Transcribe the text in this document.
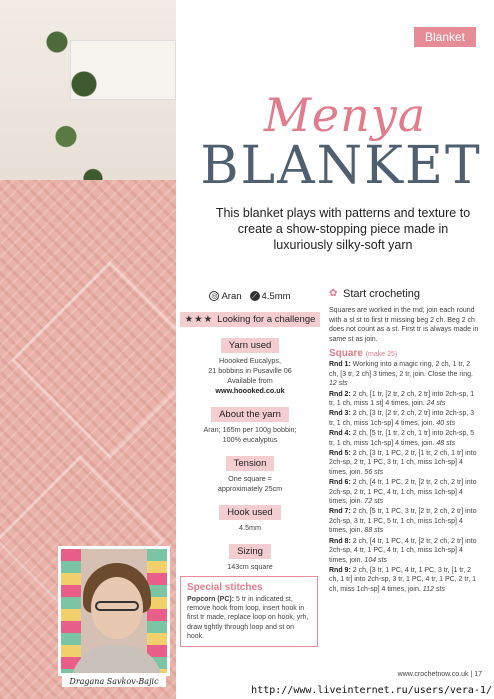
Dragana Savkov-Bajic
Blanket
Menya
BLANKET
This blanket plays with patterns and texture to create a show-stopping piece made in luxuriously silky-soft yarn
◎ Aran	⟋ 4.5mm
★★★ Looking for a challenge
Yarn used
Hoooked Eucalyps,
21 bobbins in Pusaville 06
Available from
www.hoooked.co.uk
About the yarn
Aran; 165m per 100g bobbin;
100% eucalyptus
Tension
One square =
approximately 25cm
Hook used
4.5mm
Sizing
143cm square
Special stitches

Popcorn (PC): 5 tr in indicated st, remove hook from loop, insert hook in first tr made, replace loop on hook, yrh, draw tightly through loop and st on hook.

✿ Start crocheting
Squares are worked in the rnd; join each round with a sl st to first tr missing beg 2 ch. Beg 2 ch does not count as a st. First tr is always made in same st as join.
Square (make 25)
Rnd 1: Working into a magic ring, 2 ch, 1 tr, 2 ch, [3 tr, 2 ch] 3 times, 2 tr, join. Close the ring. 12 sts
Rnd 2: 2 ch, [1 tr, [2 tr, 2 ch, 2 tr] into 2ch-sp, 1 tr, 1 ch, miss 1 st] 4 times, join. 24 sts
Rnd 3: 2 ch, [3 tr, [2 tr, 2 ch, 2 tr] into 2ch-sp, 3 tr, 1 ch, miss 1ch-sp] 4 times, join. 40 sts
Rnd 4: 2 ch, [5 tr, [1 tr, 2 ch, 1 tr] into 2ch-sp, 5 tr, 1 ch, miss 1ch-sp] 4 times, join. 48 sts
Rnd 5: 2 ch, [3 tr, 1 PC, 2 tr, [1 tr, 2 ch, 1 tr] into 2ch-sp, 2 tr, 1 PC, 3 tr, 1 ch, miss 1ch-sp] 4 times, join. 56 sts
Rnd 6: 2 ch, [4 tr, 1 PC, 2 tr, [2 tr, 2 ch, 2 tr] into 2ch-sp, 2 tr, 1 PC, 4 tr, 1 ch, miss 1ch-sp] 4 times, join. 72 sts
Rnd 7: 2 ch, [5 tr, 1 PC, 3 tr, [2 tr, 2 ch, 2 tr] into 2ch-sp, 3 tr, 1 PC, 5 tr, 1 ch, miss 1ch-sp] 4 times, join. 88 sts
Rnd 8: 2 ch, [4 tr, 1 PC, 4 tr, [2 tr, 2 ch, 2 tr] into 2ch-sp, 4 tr, 1 PC, 4 tr, 1 ch, miss 1ch-sp] 4 times, join. 104 sts
Rnd 9: 2 ch, [3 tr, 1 PC, 4 tr, 1 PC, 3 tr, [1 tr, 2 ch, 1 tr] into 2ch-sp, 3 tr, 1 PC, 4 tr, 1 PC, 2 tr, 1 ch, miss 1ch-sp] 4 times, join. 112 sts
www.crochetnow.co.uk | 17
http://www.liveinternet.ru/users/vera-1/
